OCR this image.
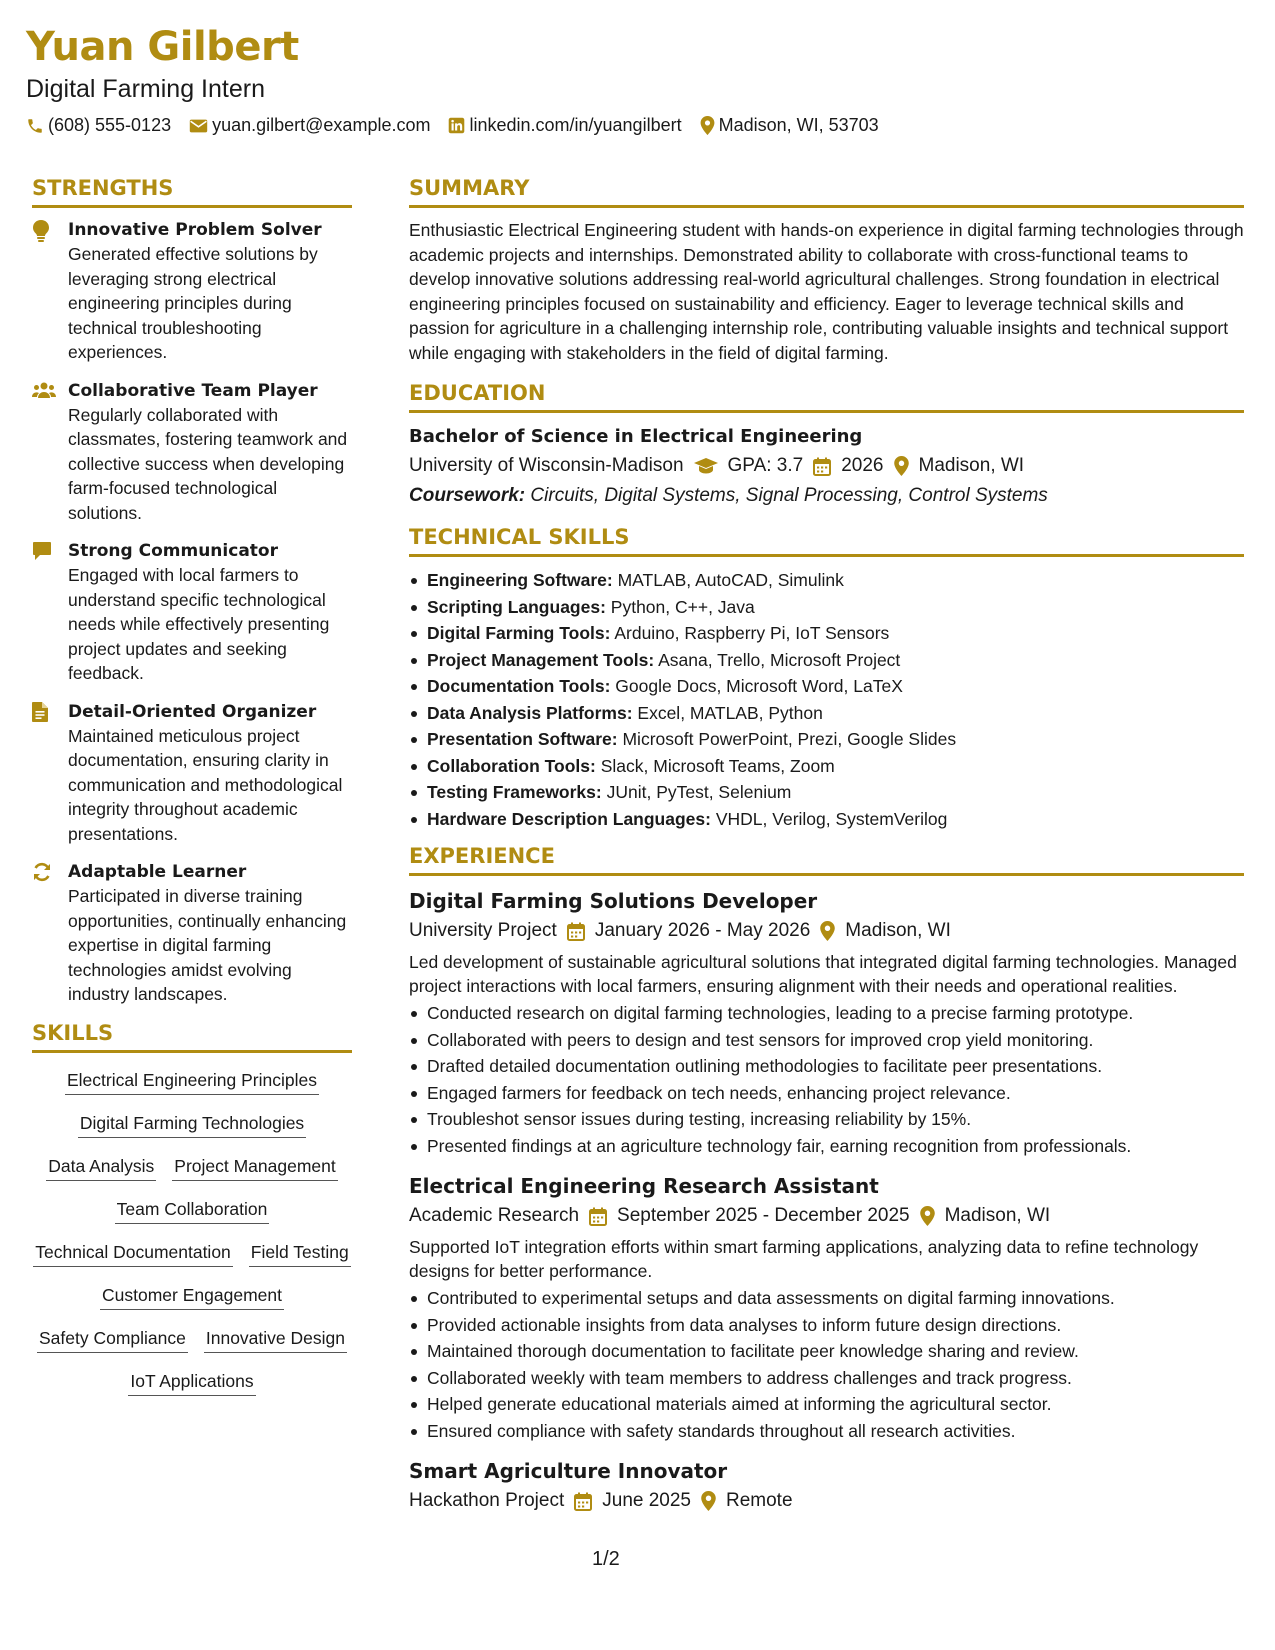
Yuan Gilbert
Digital Farming Intern
(608) 555-0123 yuan.gilbert@example.com linkedin.com/in/yuangilbert Madison, WI, 53703
STRENGTHS
Innovative Problem Solver
Generated effective solutions by leveraging strong electrical engineering principles during technical troubleshooting experiences.
Collaborative Team Player
Regularly collaborated with classmates, fostering teamwork and collective success when developing farm-focused technological solutions.
Strong Communicator
Engaged with local farmers to understand specific technological needs while effectively presenting project updates and seeking feedback.
Detail-Oriented Organizer
Maintained meticulous project documentation, ensuring clarity in communication and methodological integrity throughout academic presentations.
Adaptable Learner
Participated in diverse training opportunities, continually enhancing expertise in digital farming technologies amidst evolving industry landscapes.
SKILLS
Electrical Engineering Principles
Digital Farming Technologies
Data Analysis Project Management
Team Collaboration
Technical Documentation Field Testing
Customer Engagement
Safety Compliance Innovative Design
IoT Applications
SUMMARY
Enthusiastic Electrical Engineering student with hands-on experience in digital farming technologies through academic projects and internships. Demonstrated ability to collaborate with cross-functional teams to develop innovative solutions addressing real-world agricultural challenges. Strong foundation in electrical engineering principles focused on sustainability and efficiency. Eager to leverage technical skills and passion for agriculture in a challenging internship role, contributing valuable insights and technical support while engaging with stakeholders in the field of digital farming.
EDUCATION
Bachelor of Science in Electrical Engineering
University of Wisconsin-Madison GPA: 3.7 2026 Madison, WI
Coursework: Circuits, Digital Systems, Signal Processing, Control Systems
TECHNICAL SKILLS
Engineering Software: MATLAB, AutoCAD, Simulink
Scripting Languages: Python, C++, Java
Digital Farming Tools: Arduino, Raspberry Pi, IoT Sensors
Project Management Tools: Asana, Trello, Microsoft Project
Documentation Tools: Google Docs, Microsoft Word, LaTeX
Data Analysis Platforms: Excel, MATLAB, Python
Presentation Software: Microsoft PowerPoint, Prezi, Google Slides
Collaboration Tools: Slack, Microsoft Teams, Zoom
Testing Frameworks: JUnit, PyTest, Selenium
Hardware Description Languages: VHDL, Verilog, SystemVerilog
EXPERIENCE
Digital Farming Solutions Developer
University Project January 2026 - May 2026 Madison, WI
Led development of sustainable agricultural solutions that integrated digital farming technologies. Managed project interactions with local farmers, ensuring alignment with their needs and operational realities.
Conducted research on digital farming technologies, leading to a precise farming prototype.
Collaborated with peers to design and test sensors for improved crop yield monitoring.
Drafted detailed documentation outlining methodologies to facilitate peer presentations.
Engaged farmers for feedback on tech needs, enhancing project relevance.
Troubleshot sensor issues during testing, increasing reliability by 15%.
Presented findings at an agriculture technology fair, earning recognition from professionals.
Electrical Engineering Research Assistant
Academic Research September 2025 - December 2025 Madison, WI
Supported IoT integration efforts within smart farming applications, analyzing data to refine technology designs for better performance.
Contributed to experimental setups and data assessments on digital farming innovations.
Provided actionable insights from data analyses to inform future design directions.
Maintained thorough documentation to facilitate peer knowledge sharing and review.
Collaborated weekly with team members to address challenges and track progress.
Helped generate educational materials aimed at informing the agricultural sector.
Ensured compliance with safety standards throughout all research activities.
Smart Agriculture Innovator
Hackathon Project June 2025 Remote
1/2
